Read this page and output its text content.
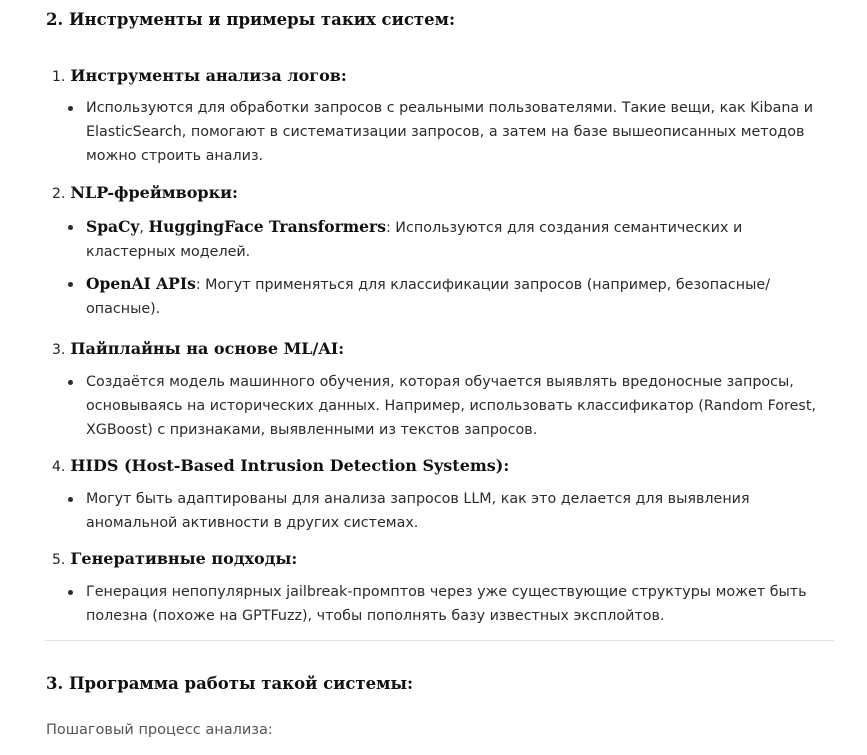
2. Инструменты и примеры таких систем:
1. Инструменты анализа логов:
Используются для обработки запросов с реальными пользователями. Такие вещи, как Kibana и
ElasticSearch, помогают в систематизации запросов, а затем на базе вышеописанных методов
можно строить анализ.
2. NLP-фреймворки:
SpaCy, HuggingFace Transformers: Используются для создания семантических и
кластерных моделей.
OpenAI APIs: Могут применяться для классификации запросов (например, безопасные/
опасные).
3. Пайплайны на основе ML/AI:
Создаётся модель машинного обучения, которая обучается выявлять вредоносные запросы,
основываясь на исторических данных. Например, использовать классификатор (Random Forest,
XGBoost) с признаками, выявленными из текстов запросов.
4. HIDS (Host-Based Intrusion Detection Systems):
Могут быть адаптированы для анализа запросов LLM, как это делается для выявления
аномальной активности в других системах.
5. Генеративные подходы:
Генерация непопулярных jailbreak-промптов через уже существующие структуры может быть
полезна (похоже на GPTFuzz), чтобы пополнять базу известных эксплойтов.
3. Программа работы такой системы:
Пошаговый процесс анализа:
